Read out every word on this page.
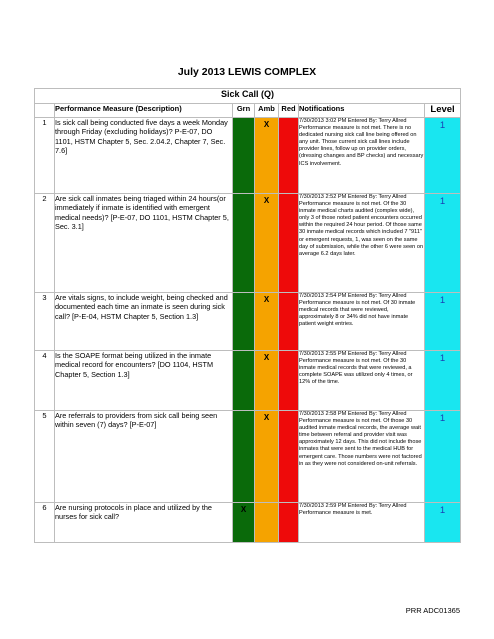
July 2013 LEWIS COMPLEX
Sick Call (Q)						
	Performance Measure (Description)	Grn	Amb	Red	Notifications	Level
1	Is sick call being conducted five days a week Monday through Friday (excluding holidays)? P-E-07, DO 1101, HSTM Chapter 5, Sec. 2.04.2, Chapter 7, Sec. 7.6]		X		7/30/2013 3:02 PM Entered By: Terry Allred Performance measure is not met. There is no dedicated nursing sick call line being offered on any unit. Those current sick call lines include provider lines, follow up on provider orders, (dressing changes and BP checks) and necessary ICS involvement.	1

2	Are sick call inmates being triaged within 24 hours(or immediately if inmate is identified with emergent medical needs)? [P-E-07, DO 1101, HSTM Chapter 5, Sec. 3.1]		X		7/30/2013 2:52 PM Entered By: Terry Allred Performance measure is not met. Of the 30 inmate medical charts audited (complex wide), only 3 of those noted patient encounters occurred within the required 24 hour period. Of those same 30 inmate medical records which included 7 "911" or emergent requests, 1, was seen on the same day of submission, while the other 6 were seen on average 6.2 days later.	1

3	Are vitals signs, to include weight, being checked and documented each time an inmate is seen during sick call? [P-E-04, HSTM Chapter 5, Section 1.3]		X		7/30/2013 2:54 PM Entered By: Terry Allred Performance measure is not met. Of 30 inmate medical records that were reviewed, approximately 8 or 34% did not have inmate patient weight entries.	1

4	Is the SOAPE format being utilized in the inmate medical record for encounters? [DO 1104, HSTM Chapter 5, Section 1.3]		X		7/30/2013 2:55 PM Entered By: Terry Allred Performance measure is not met. Of the 30 inmate medical records that were reviewed, a complete SOAPE was utilized only 4 times, or 12% of the time.	1

5	Are referrals to providers from sick call being seen within seven (7) days? [P-E-07]		X		7/30/2013 2:58 PM Entered By: Terry Allred Performance measure is not met. Of those 30 audited inmate medical records, the average wait time between referral and provider visit was approximately 12 days. This did not include those inmates that were sent to the medical HUB for emergent care. Those numbers were not factored in as they were not considered on-unit referrals.	1

6	Are nursing protocols in place and utilized by the nurses for sick call?	X			7/30/2013 2:59 PM Entered By: Terry Allred Performance measure is met.	1
PRR ADC01365
